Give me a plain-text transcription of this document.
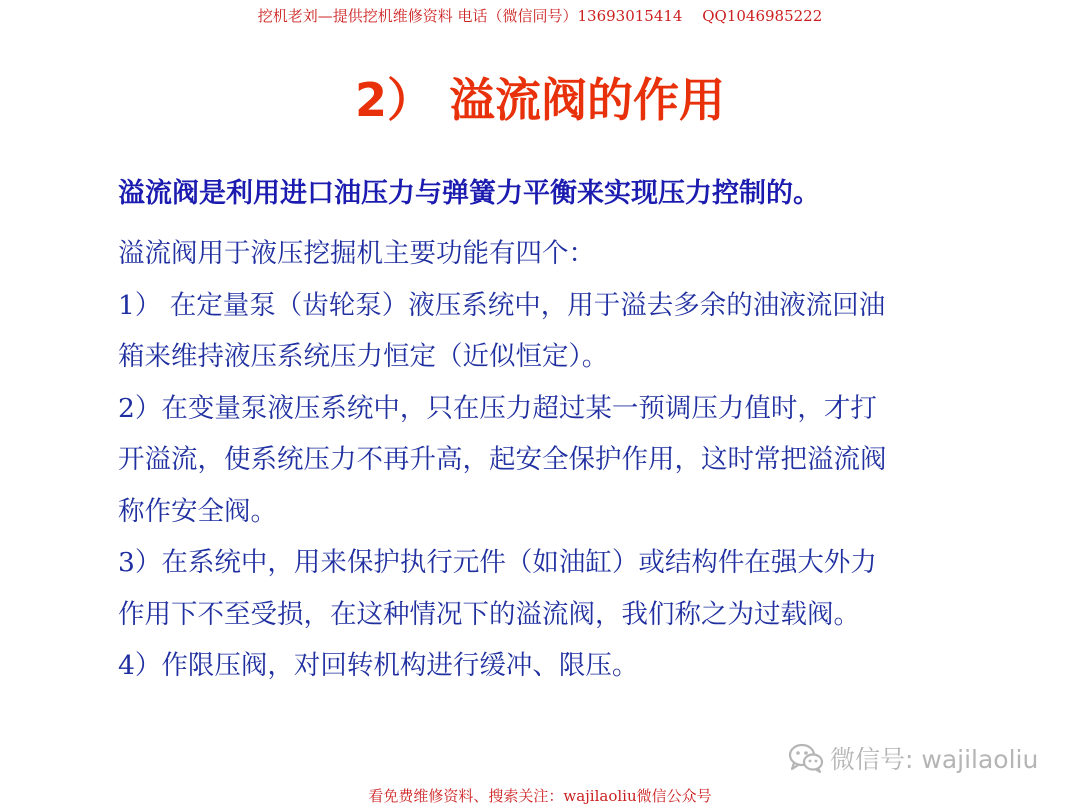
挖机老刘—提供挖机维修资料 电话（微信同号）13693015414　 QQ1046985222
2） 溢流阀的作用
溢流阀是利用进口油压力与弹簧力平衡来实现压力控制的。
溢流阀用于液压挖掘机主要功能有四个：
1） 在定量泵（齿轮泵）液压系统中，用于溢去多余的油液流回油
箱来维持液压系统压力恒定（近似恒定）。
2）在变量泵液压系统中，只在压力超过某一预调压力值时，才打
开溢流，使系统压力不再升高，起安全保护作用，这时常把溢流阀
称作安全阀。
3）在系统中，用来保护执行元件（如油缸）或结构件在强大外力
作用下不至受损，在这种情况下的溢流阀，我们称之为过载阀。
4）作限压阀，对回转机构进行缓冲、限压。
微信号: wajilaoliu
看免费维修资料、搜索关注：wajilaoliu微信公众号
